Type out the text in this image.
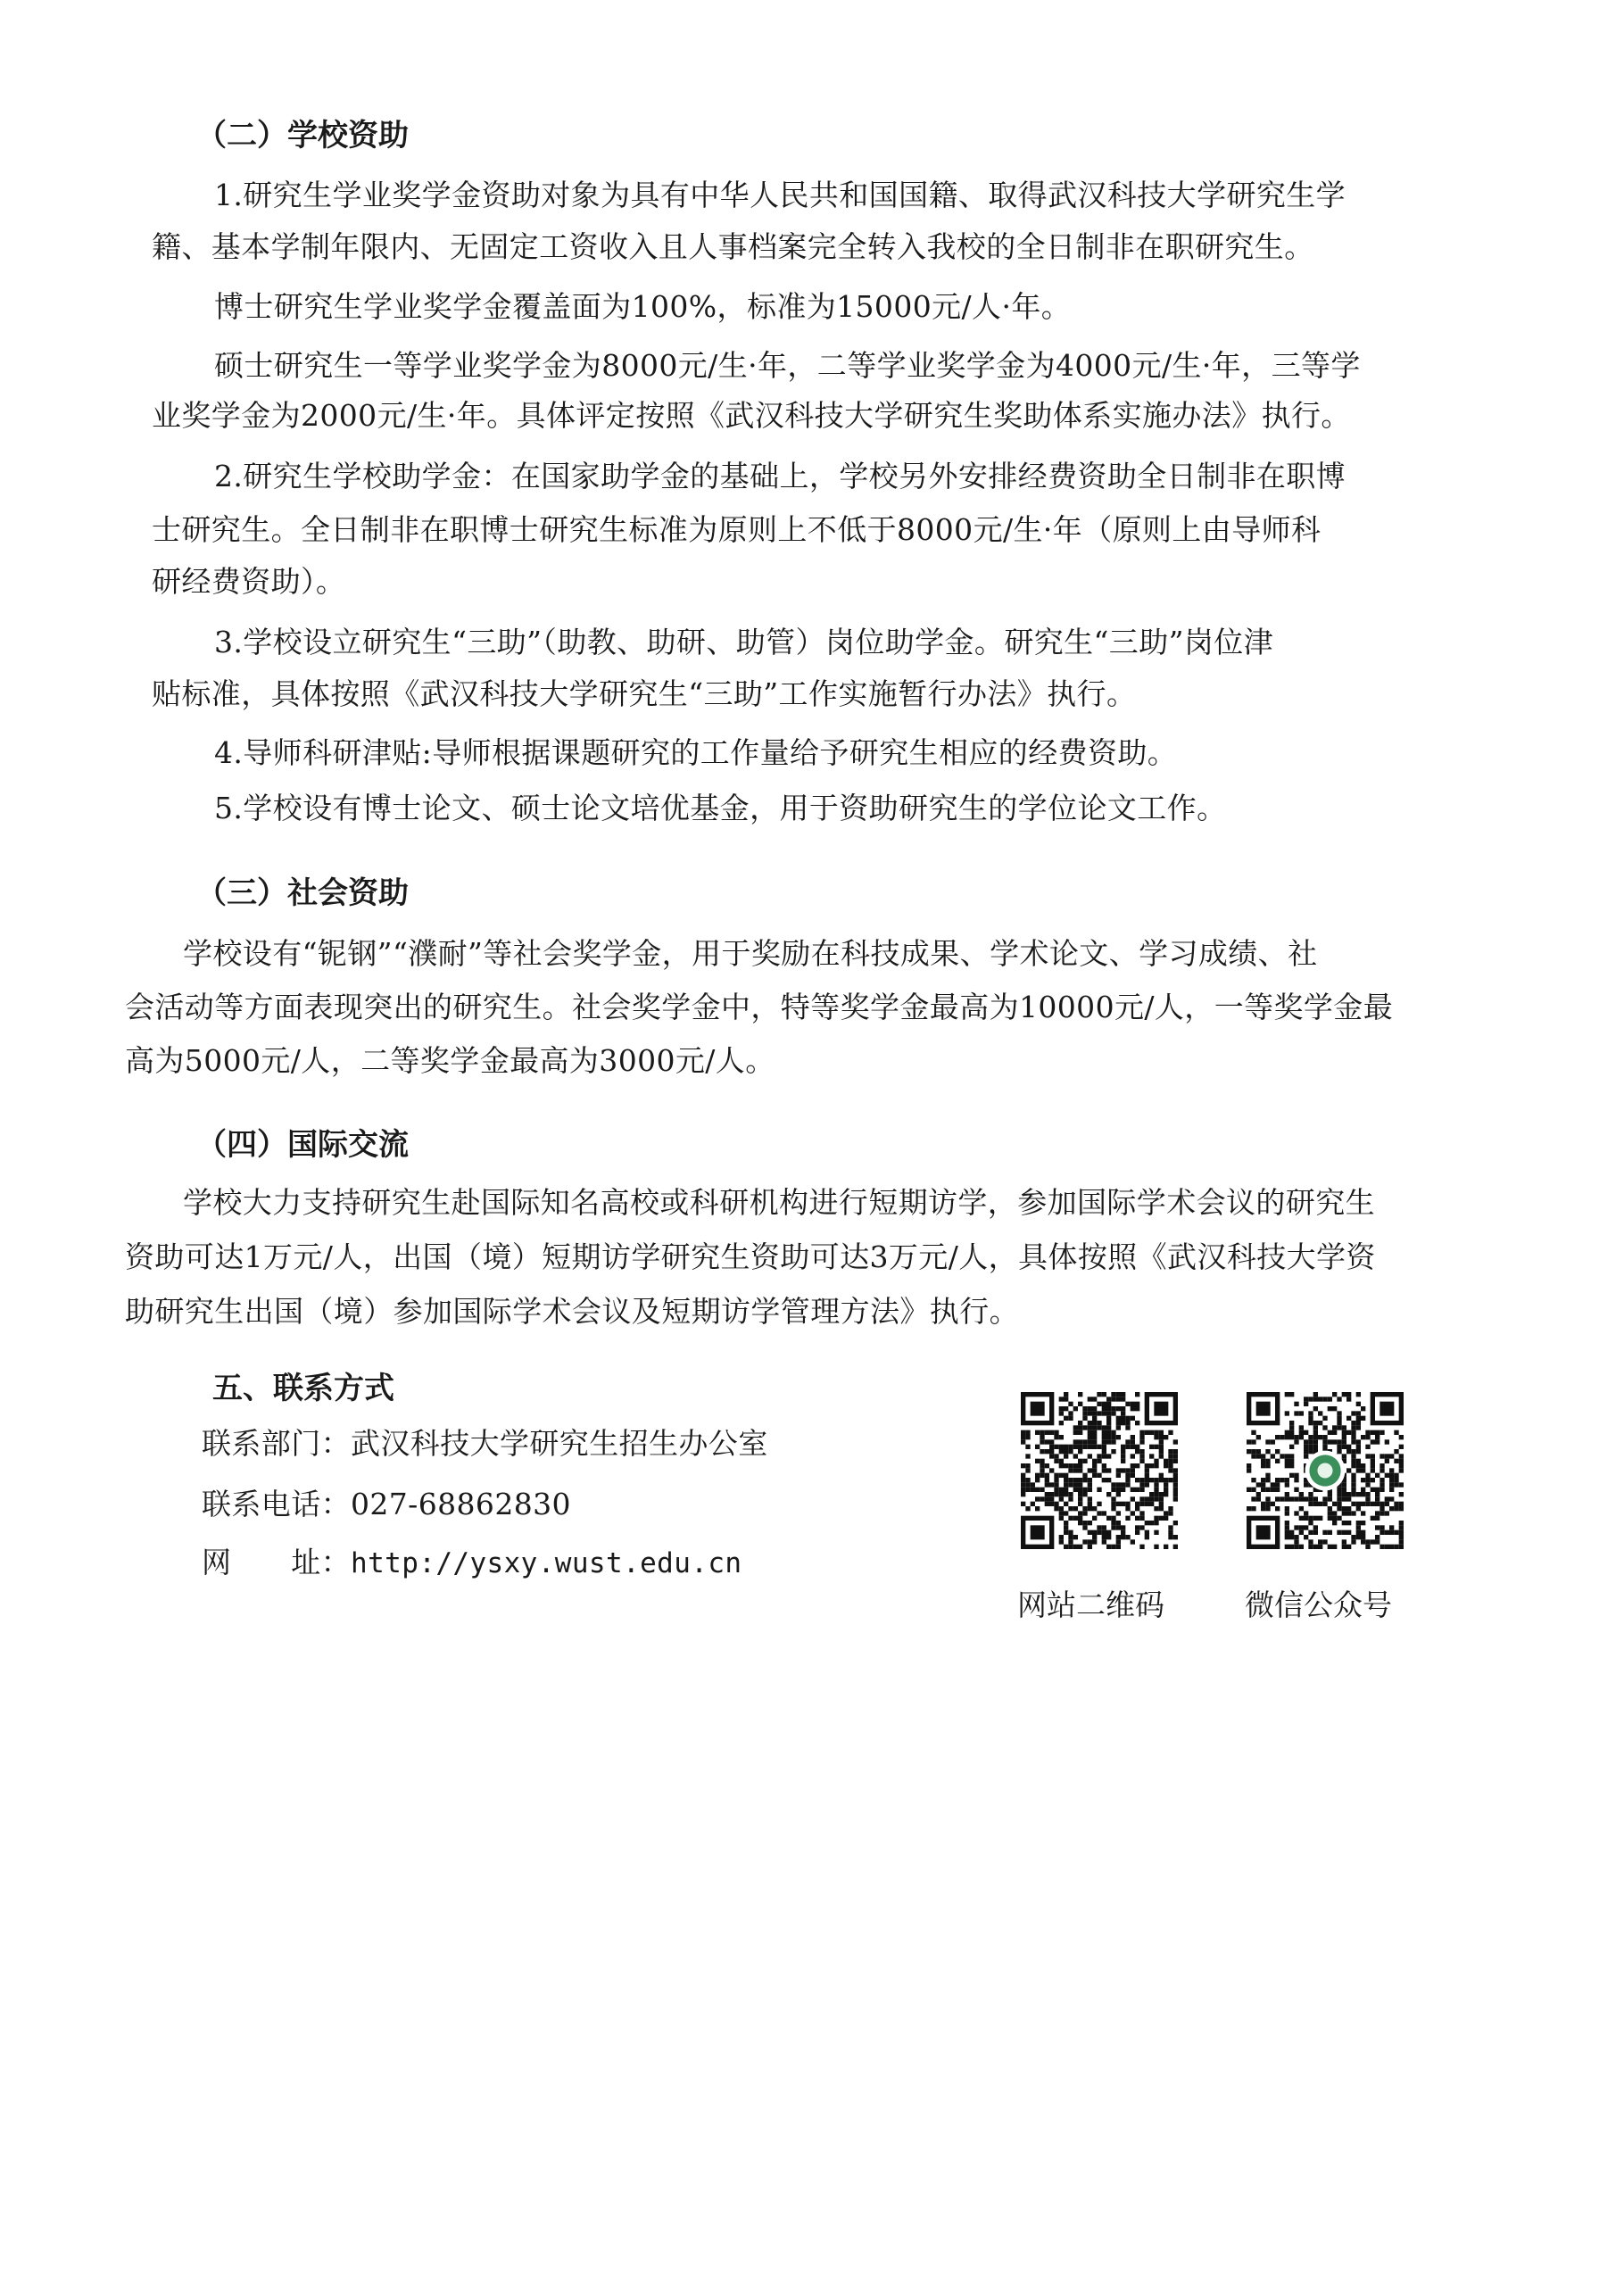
（二）学校资助
1.研究生学业奖学金资助对象为具有中华人民共和国国籍、取得武汉科技大学研究生学
籍、基本学制年限内、无固定工资收入且人事档案完全转入我校的全日制非在职研究生。
博士研究生学业奖学金覆盖面为100%，标准为15000元/人·年。
硕士研究生一等学业奖学金为8000元/生·年，二等学业奖学金为4000元/生·年，三等学
业奖学金为2000元/生·年。具体评定按照《武汉科技大学研究生奖助体系实施办法》执行。
2.研究生学校助学金：在国家助学金的基础上，学校另外安排经费资助全日制非在职博
士研究生。全日制非在职博士研究生标准为原则上不低于8000元/生·年（原则上由导师科
研经费资助）。
3.学校设立研究生“三助”（助教、助研、助管）岗位助学金。研究生“三助”岗位津
贴标准，具体按照《武汉科技大学研究生“三助”工作实施暂行办法》执行。
4.导师科研津贴:导师根据课题研究的工作量给予研究生相应的经费资助。
5.学校设有博士论文、硕士论文培优基金，用于资助研究生的学位论文工作。
（三）社会资助
学校设有“铌钢”“濮耐”等社会奖学金，用于奖励在科技成果、学术论文、学习成绩、社
会活动等方面表现突出的研究生。社会奖学金中，特等奖学金最高为10000元/人，一等奖学金最
高为5000元/人，二等奖学金最高为3000元/人。
（四）国际交流
学校大力支持研究生赴国际知名高校或科研机构进行短期访学，参加国际学术会议的研究生
资助可达1万元/人，出国（境）短期访学研究生资助可达3万元/人，具体按照《武汉科技大学资
助研究生出国（境）参加国际学术会议及短期访学管理方法》执行。
五、联系方式
联系部门：武汉科技大学研究生招生办公室
联系电话：027-68862830
网　　址：http://ysxy.wust.edu.cn
网站二维码	微信公众号
